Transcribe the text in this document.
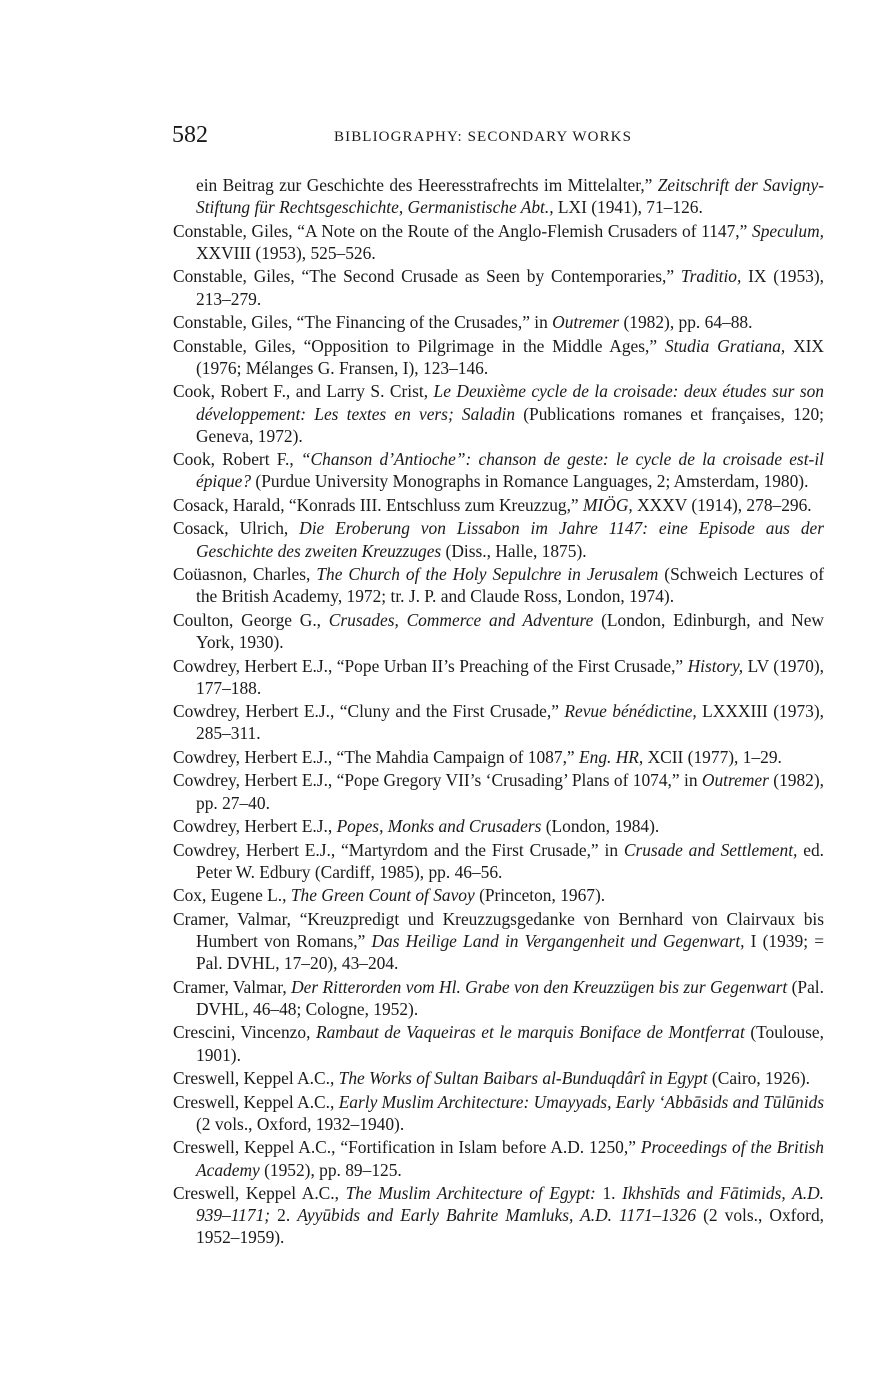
582	BIBLIOGRAPHY: SECONDARY WORKS

ein Beitrag zur Geschichte des Heeresstrafrechts im Mittelalter,” Zeitschrift der Savigny-Stiftung für Rechtsgeschichte, Germanistische Abt., LXI (1941), 71–126.

Constable, Giles, “A Note on the Route of the Anglo-Flemish Crusaders of 1147,” Speculum, XXVIII (1953), 525–526.

Constable, Giles, “The Second Crusade as Seen by Contemporaries,” Traditio, IX (1953), 213–279.

Constable, Giles, “The Financing of the Crusades,” in Outremer (1982), pp. 64–88.

Constable, Giles, “Opposition to Pilgrimage in the Middle Ages,” Studia Gratiana, XIX (1976; Mélanges G. Fransen, I), 123–146.

Cook, Robert F., and Larry S. Crist, Le Deuxième cycle de la croisade: deux études sur son développement: Les textes en vers; Saladin (Publications romanes et françaises, 120; Geneva, 1972).

Cook, Robert F., “Chanson d’Antioche”: chanson de geste: le cycle de la croisade est-il épique? (Purdue University Monographs in Romance Languages, 2; Amsterdam, 1980).

Cosack, Harald, “Konrads III. Entschluss zum Kreuzzug,” MIÖG, XXXV (1914), 278–296.

Cosack, Ulrich, Die Eroberung von Lissabon im Jahre 1147: eine Episode aus der Geschichte des zweiten Kreuzzuges (Diss., Halle, 1875).

Coüasnon, Charles, The Church of the Holy Sepulchre in Jerusalem (Schweich Lectures of the British Academy, 1972; tr. J. P. and Claude Ross, London, 1974).

Coulton, George G., Crusades, Commerce and Adventure (London, Edinburgh, and New York, 1930).

Cowdrey, Herbert E.J., “Pope Urban II’s Preaching of the First Crusade,” History, LV (1970), 177–188.

Cowdrey, Herbert E.J., “Cluny and the First Crusade,” Revue bénédictine, LXXXIII (1973), 285–311.

Cowdrey, Herbert E.J., “The Mahdia Campaign of 1087,” Eng. HR, XCII (1977), 1–29.

Cowdrey, Herbert E.J., “Pope Gregory VII’s ‘Crusading’ Plans of 1074,” in Outremer (1982), pp. 27–40.

Cowdrey, Herbert E.J., Popes, Monks and Crusaders (London, 1984).

Cowdrey, Herbert E.J., “Martyrdom and the First Crusade,” in Crusade and Settlement, ed. Peter W. Edbury (Cardiff, 1985), pp. 46–56.

Cox, Eugene L., The Green Count of Savoy (Princeton, 1967).

Cramer, Valmar, “Kreuzpredigt und Kreuzzugsgedanke von Bernhard von Clairvaux bis Humbert von Romans,” Das Heilige Land in Vergangenheit und Gegenwart, I (1939; = Pal. DVHL, 17–20), 43–204.

Cramer, Valmar, Der Ritterorden vom Hl. Grabe von den Kreuzzügen bis zur Gegenwart (Pal. DVHL, 46–48; Cologne, 1952).

Crescini, Vincenzo, Rambaut de Vaqueiras et le marquis Boniface de Montferrat (Toulouse, 1901).

Creswell, Keppel A.C., The Works of Sultan Baibars al-Bunduqdârî in Egypt (Cairo, 1926).

Creswell, Keppel A.C., Early Muslim Architecture: Umayyads, Early ‘Abbāsids and Tūlūnids (2 vols., Oxford, 1932–1940).

Creswell, Keppel A.C., “Fortification in Islam before A.D. 1250,” Proceedings of the British Academy (1952), pp. 89–125.

Creswell, Keppel A.C., The Muslim Architecture of Egypt: 1. Ikhshīds and Fātimids, A.D. 939–1171; 2. Ayyūbids and Early Bahrite Mamluks, A.D. 1171–1326 (2 vols., Oxford, 1952–1959).
